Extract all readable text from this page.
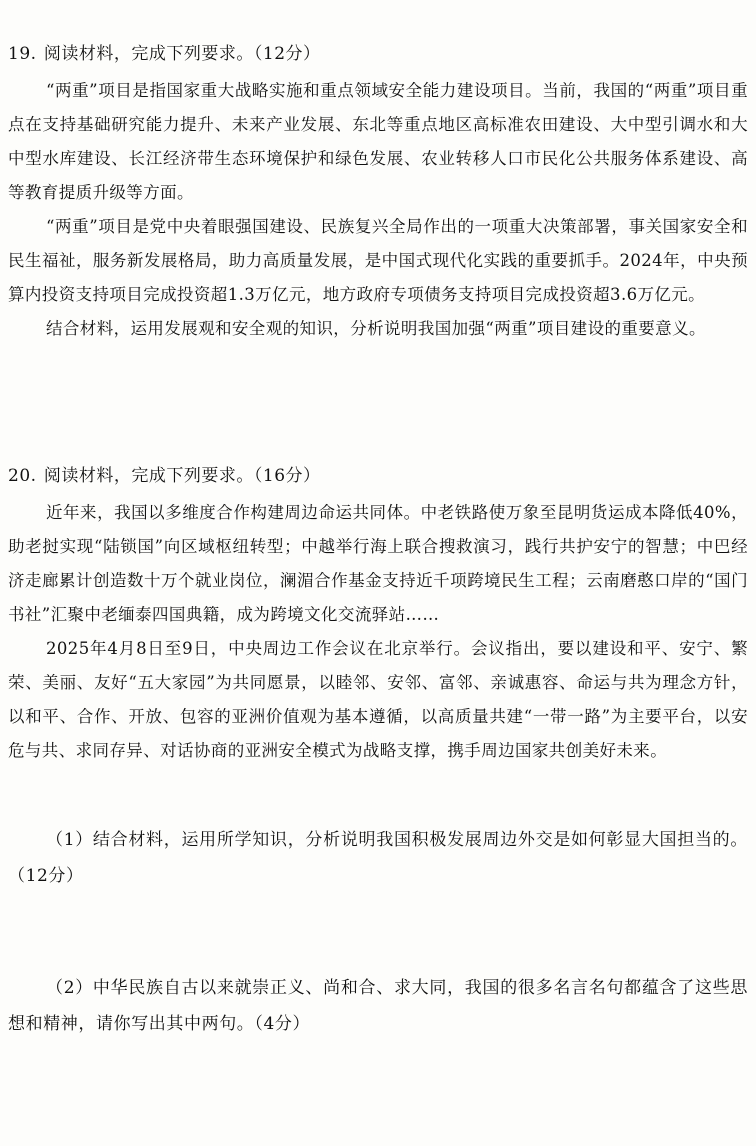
19. 阅读材料，完成下列要求。（12分）

“两重”项目是指国家重大战略实施和重点领域安全能力建设项目。当前，我国的“两重”项目重点在支持基础研究能力提升、未来产业发展、东北等重点地区高标准农田建设、大中型引调水和大中型水库建设、长江经济带生态环境保护和绿色发展、农业转移人口市民化公共服务体系建设、高等教育提质升级等方面。

“两重”项目是党中央着眼强国建设、民族复兴全局作出的一项重大决策部署，事关国家安全和民生福祉，服务新发展格局，助力高质量发展，是中国式现代化实践的重要抓手。2024年，中央预算内投资支持项目完成投资超1.3万亿元，地方政府专项债务支持项目完成投资超3.6万亿元。

结合材料，运用发展观和安全观的知识，分析说明我国加强“两重”项目建设的重要意义。

20. 阅读材料，完成下列要求。（16分）

近年来，我国以多维度合作构建周边命运共同体。中老铁路使万象至昆明货运成本降低40%，助老挝实现“陆锁国”向区域枢纽转型；中越举行海上联合搜救演习，践行共护安宁的智慧；中巴经济走廊累计创造数十万个就业岗位，澜湄合作基金支持近千项跨境民生工程；云南磨憨口岸的“国门书社”汇聚中老缅泰四国典籍，成为跨境文化交流驿站……

2025年4月8日至9日，中央周边工作会议在北京举行。会议指出，要以建设和平、安宁、繁荣、美丽、友好“五大家园”为共同愿景，以睦邻、安邻、富邻、亲诚惠容、命运与共为理念方针，以和平、合作、开放、包容的亚洲价值观为基本遵循，以高质量共建“一带一路”为主要平台，以安危与共、求同存异、对话协商的亚洲安全模式为战略支撑，携手周边国家共创美好未来。

（1）结合材料，运用所学知识，分析说明我国积极发展周边外交是如何彰显大国担当的。（12分）

（2）中华民族自古以来就崇正义、尚和合、求大同，我国的很多名言名句都蕴含了这些思想和精神，请你写出其中两句。（4分）
